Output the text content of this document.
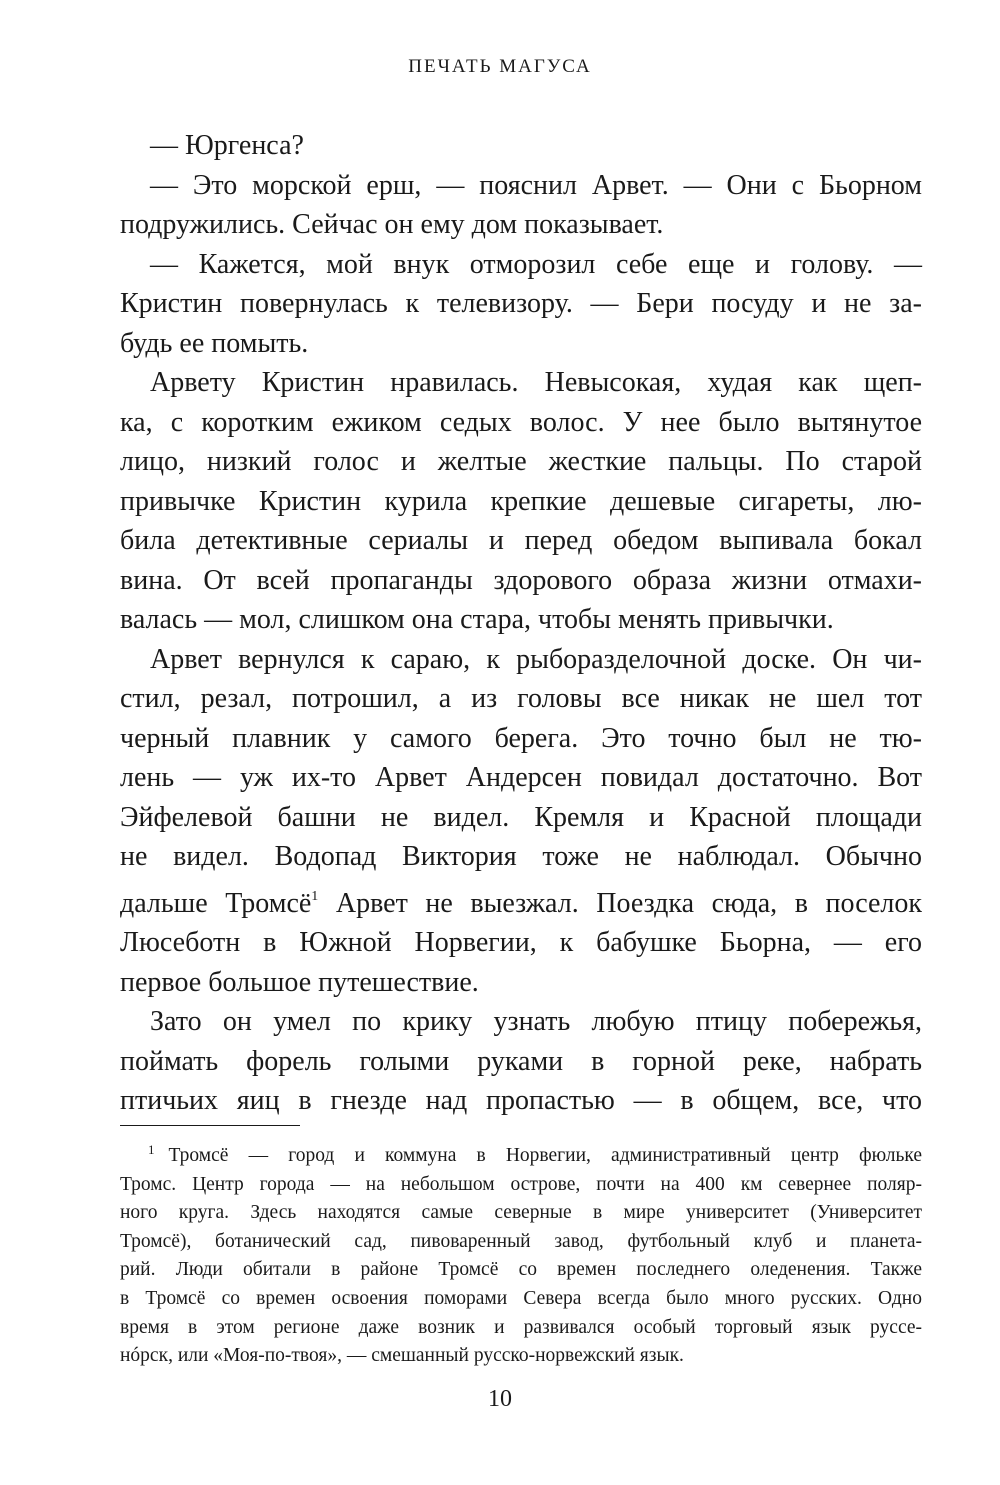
ПЕЧАТЬ МАГУСА
— Юргенса?
— Это морской ерш, — пояснил Арвет. — Они с Бьорном
подружились. Сейчас он ему дом показывает.
— Кажется, мой внук отморозил себе еще и голову. —
Кристин повернулась к телевизору. — Бери посуду и не за-
будь ее помыть.
Арвету Кристин нравилась. Невысокая, худая как щеп-
ка, с коротким ежиком седых волос. У нее было вытянутое
лицо, низкий голос и желтые жесткие пальцы. По старой
привычке Кристин курила крепкие дешевые сигареты, лю-
била детективные сериалы и перед обедом выпивала бокал
вина. От всей пропаганды здорового образа жизни отмахи-
валась — мол, слишком она стара, чтобы менять привычки.
Арвет вернулся к сараю, к рыборазделочной доске. Он чи-
стил, резал, потрошил, а из головы все никак не шел тот
черный плавник у самого берега. Это точно был не тю-
лень — уж их-то Арвет Андерсен повидал достаточно. Вот
Эйфелевой башни не видел. Кремля и Красной площади
не видел. Водопад Виктория тоже не наблюдал. Обычно
дальше Тромсё$^1$ Арвет не выезжал. Поездка сюда, в поселок
Люсеботн в Южной Норвегии, к бабушке Бьорна, — его
первое большое путешествие.
Зато он умел по крику узнать любую птицу побережья,
поймать форель голыми руками в горной реке, набрать
птичьих яиц в гнезде над пропастью — в общем, все, что
$^1$ Тромсё — город и коммуна в Норвегии, административный центр фюльке
Тромс. Центр города — на небольшом острове, почти на 400 км севернее поляр-
ного круга. Здесь находятся самые северные в мире университет (Университет
Тромсё), ботанический сад, пивоваренный завод, футбольный клуб и планета-
рий. Люди обитали в районе Тромсё со времен последнего оледенения. Также
в Тромсё со времен освоения поморами Севера всегда было много русских. Одно
время в этом регионе даже возник и развивался особый торговый язык руссе-
нóрск, или «Моя-по-твоя», — смешанный русско-норвежский язык.
10
